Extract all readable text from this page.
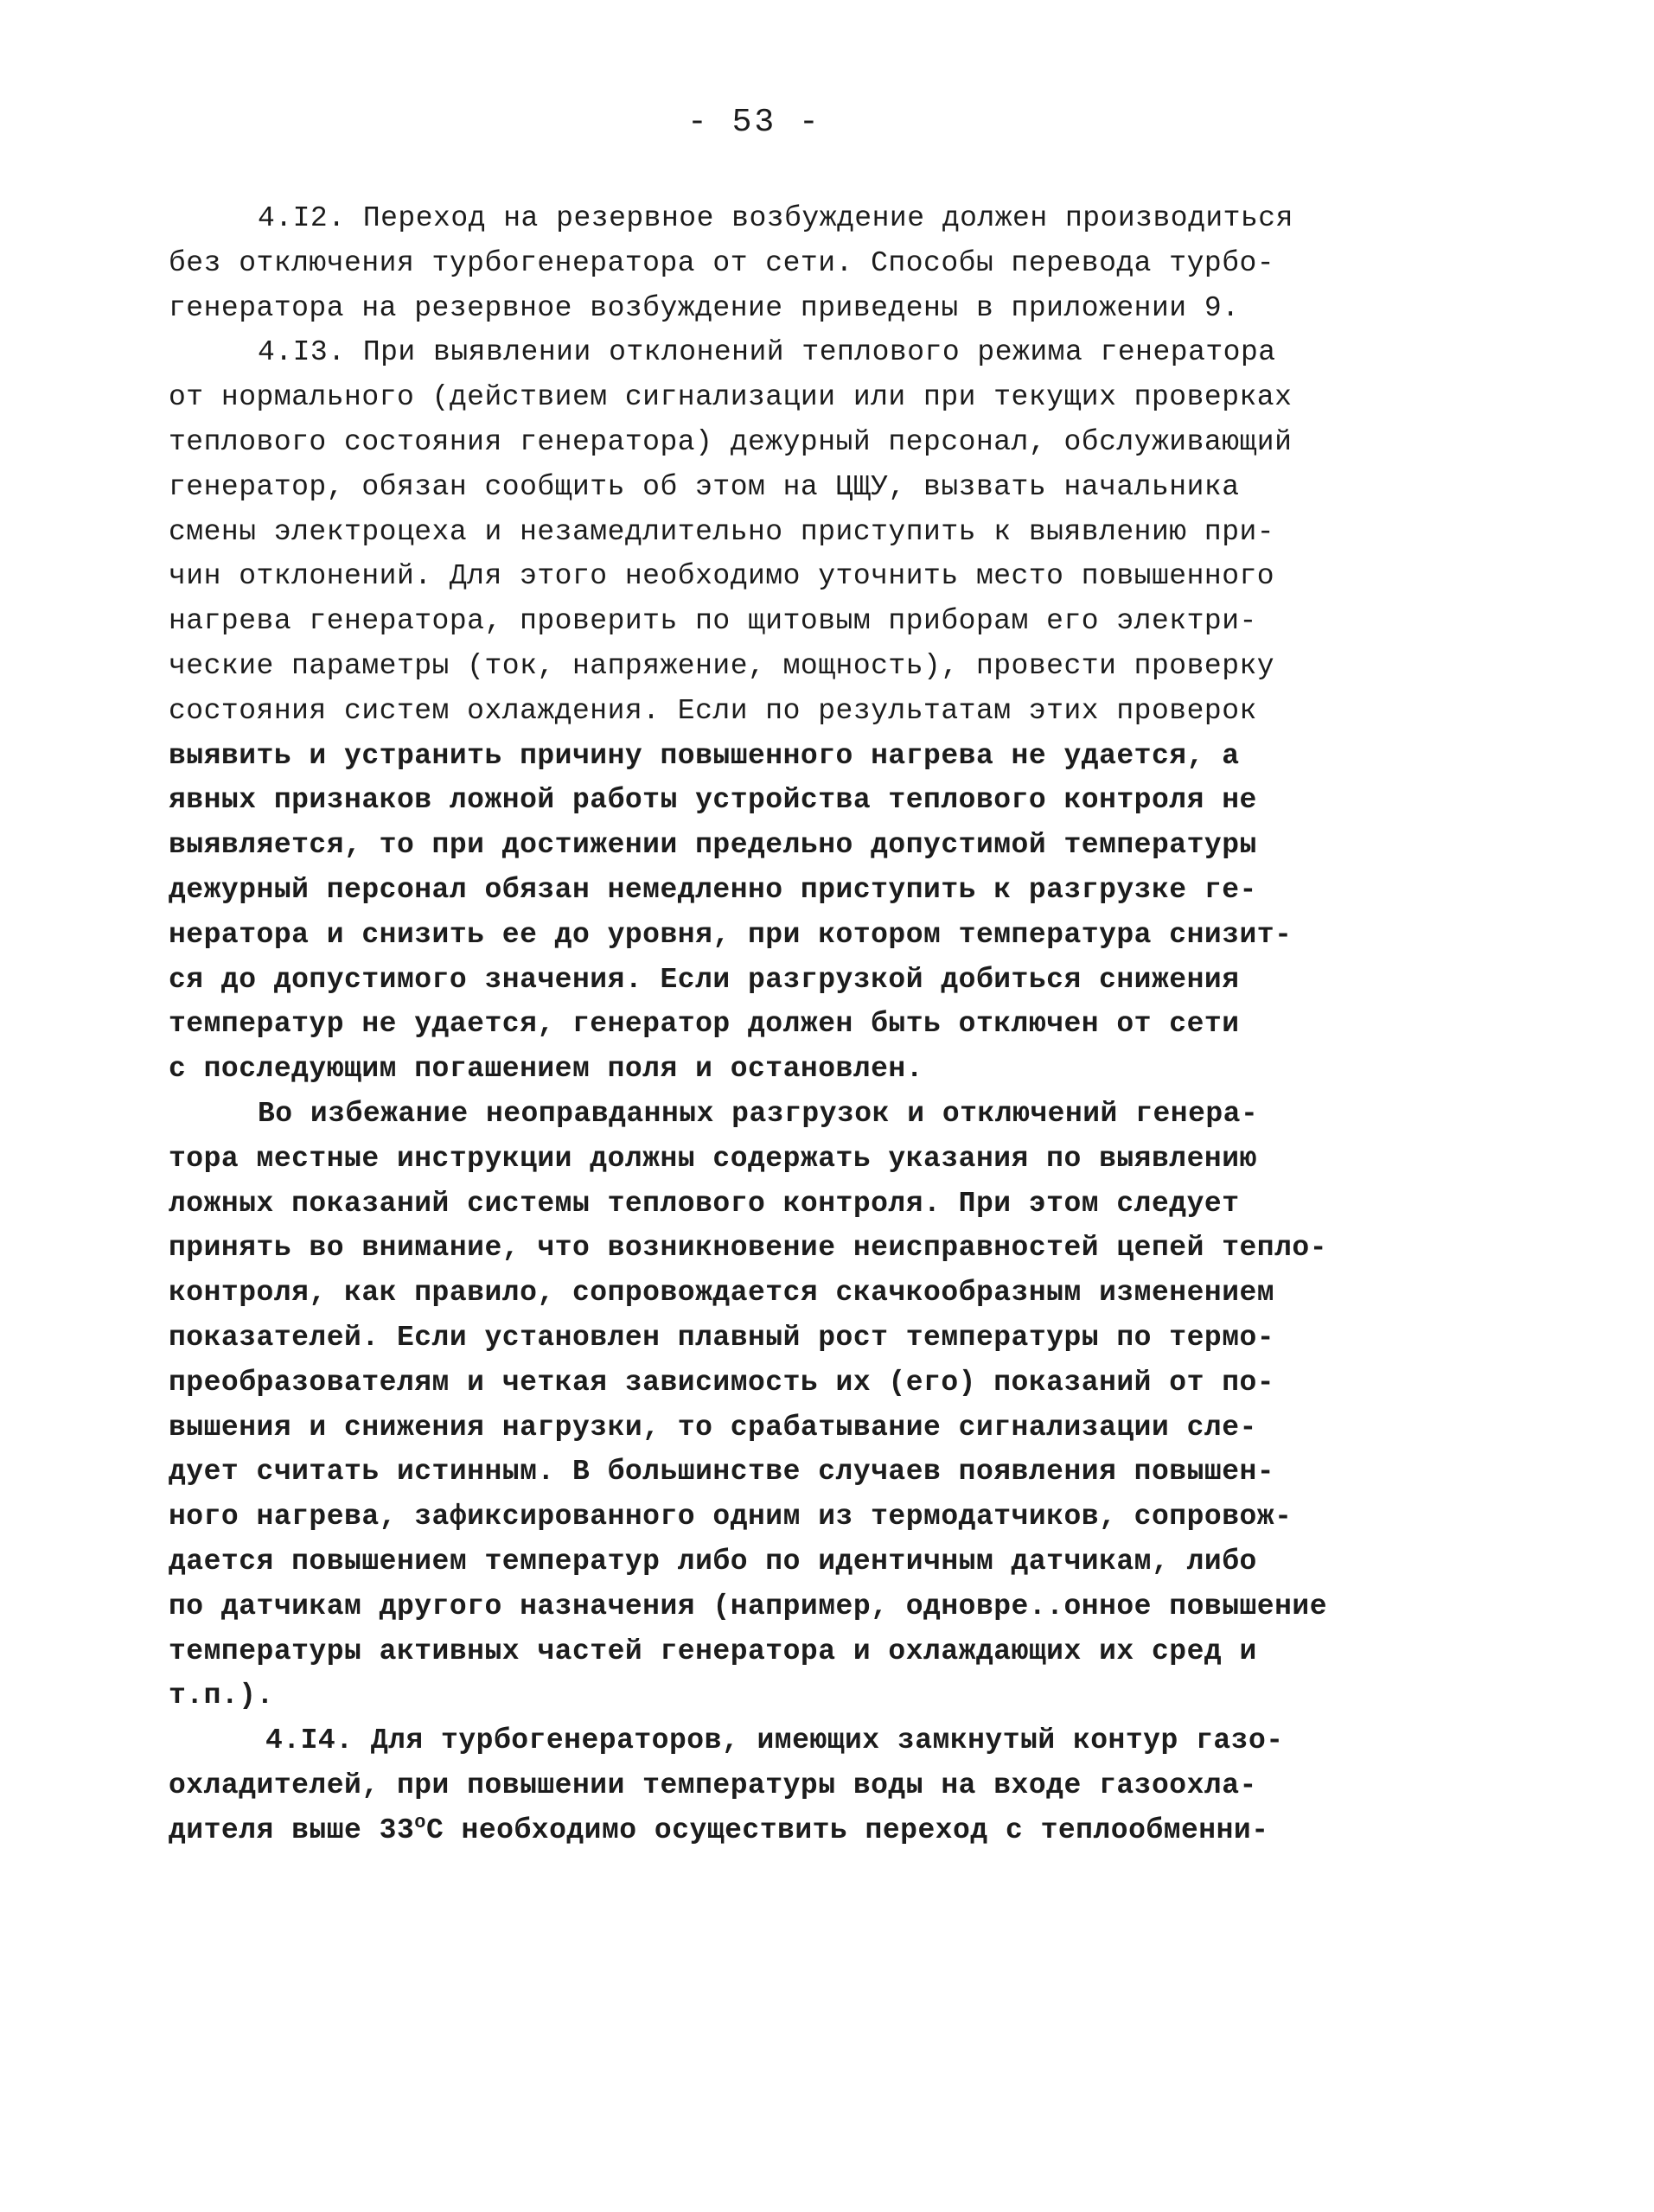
- 53 -
4.I2. Переход на резервное возбуждение должен производиться
без отключения турбогенератора от сети. Способы перевода турбо-
генератора на резервное возбуждение приведены в приложении 9.
4.I3. При выявлении отклонений теплового режима генератора
от нормального (действием сигнализации или при текущих проверках
теплового состояния генератора) дежурный персонал, обслуживающий
генератор, обязан сообщить об этом на ЦЩУ, вызвать начальника
смены электроцеха и незамедлительно приступить к выявлению при-
чин отклонений. Для этого необходимо уточнить место повышенного
нагрева генератора, проверить по щитовым приборам его электри-
ческие параметры (ток, напряжение, мощность), провести проверку
состояния систем охлаждения. Если по результатам этих проверок
выявить и устранить причину повышенного нагрева не удается, а
явных признаков ложной работы устройства теплового контроля не
выявляется, то при достижении предельно допустимой температуры
дежурный персонал обязан немедленно приступить к разгрузке ге-
нератора и снизить ее до уровня, при котором температура снизит-
ся до допустимого значения. Если разгрузкой добиться снижения
температур не удается, генератор должен быть отключен от сети
с последующим погашением поля и остановлен.
Во избежание неоправданных разгрузок и отключений генера-
тора местные инструкции должны содержать указания по выявлению
ложных показаний системы теплового контроля. При этом следует
принять во внимание, что возникновение неисправностей цепей тепло-
контроля, как правило, сопровождается скачкообразным изменением
показателей. Если установлен плавный рост температуры по термо-
преобразователям и четкая зависимость их (его) показаний от по-
вышения и снижения нагрузки, то срабатывание сигнализации сле-
дует считать истинным. В большинстве случаев появления повышен-
ного нагрева, зафиксированного одним из термодатчиков, сопровож-
дается повышением температур либо по идентичным датчикам, либо
по датчикам другого назначения (например, одновре..онное повышение
температуры активных частей генератора и охлаждающих их сред и
т.п.).
4.I4. Для турбогенераторов, имеющих замкнутый контур газо-
охладителей, при повышении температуры воды на входе газоохла-
дителя выше $33^оС$ необходимо осуществить переход с теплообменни-
